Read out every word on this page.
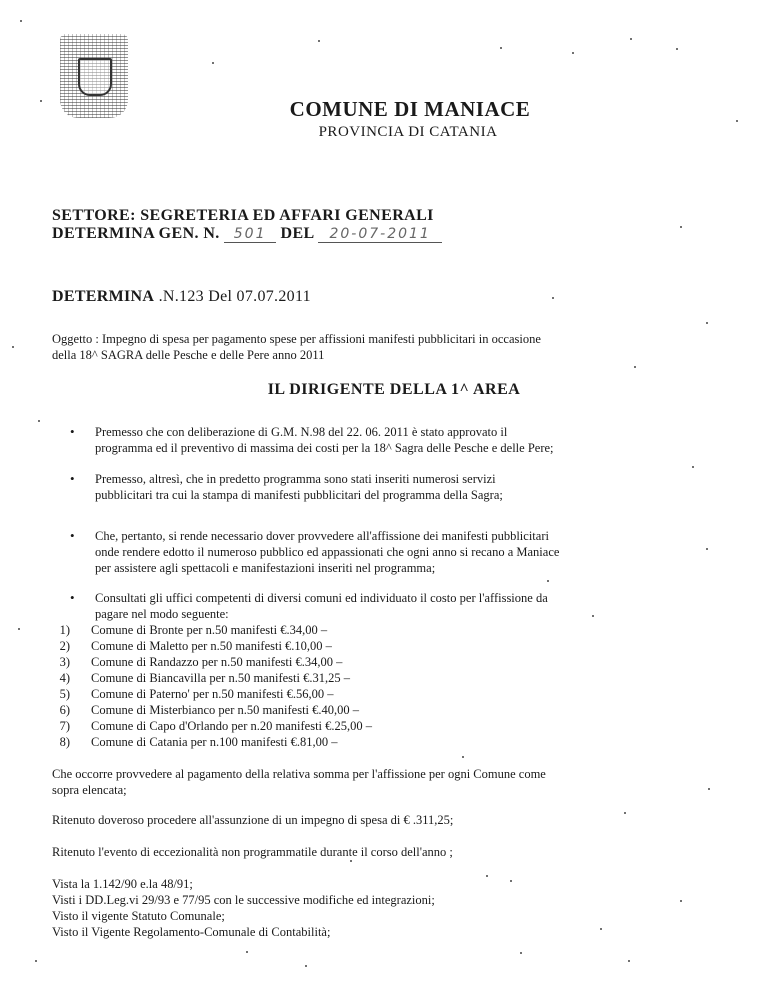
COMUNE DI MANIACE
PROVINCIA DI CATANIA
SETTORE: SEGRETERIA ED AFFARI GENERALI
DETERMINA GEN. N. 501 DEL 20-07-2011
DETERMINA .N.123 Del 07.07.2011
Oggetto : Impegno di spesa per pagamento spese per affissioni manifesti pubblicitari in occasione
della 18^ SAGRA delle Pesche e delle Pere anno 2011
IL DIRIGENTE DELLA 1^ AREA
• Premesso che con deliberazione di G.M. N.98 del 22. 06. 2011 è stato approvato il
programma ed il preventivo di massima dei costi per la 18^ Sagra delle Pesche e delle Pere;
• Premesso, altresì, che in predetto programma sono stati inseriti numerosi servizi
pubblicitari tra cui la stampa di manifesti pubblicitari del programma della Sagra;
• Che, pertanto, si rende necessario dover provvedere all'affissione dei manifesti pubblicitari
onde rendere edotto il numeroso pubblico ed appassionati che ogni anno si recano a Maniace
per assistere agli spettacoli e manifestazioni inseriti nel programma;
• Consultati gli uffici competenti di diversi comuni ed individuato il costo per l'affissione da
pagare nel modo seguente:
1) Comune di Bronte per n.50 manifesti €.34,00 –
2) Comune di Maletto per n.50 manifesti €.10,00 –
3) Comune di Randazzo per n.50 manifesti €.34,00 –
4) Comune di Biancavilla per n.50 manifesti €.31,25 –
5) Comune di Paterno' per n.50 manifesti €.56,00 –
6) Comune di Misterbianco per n.50 manifesti €.40,00 –
7) Comune di Capo d'Orlando per n.20 manifesti €.25,00 –
8) Comune di Catania per n.100 manifesti €.81,00 –
Che occorre provvedere al pagamento della relativa somma per l'affissione per ogni Comune come
sopra elencata;
Ritenuto doveroso procedere all'assunzione di un impegno di spesa di € .311,25;
Ritenuto l'evento di eccezionalità non programmatile durante il corso dell'anno ;
Vista la 1.142/90 e.la 48/91;
Visti i DD.Leg.vi 29/93 e 77/95 con le successive modifiche ed integrazioni;
Visto il vigente Statuto Comunale;
Visto il Vigente Regolamento-Comunale di Contabilità;
